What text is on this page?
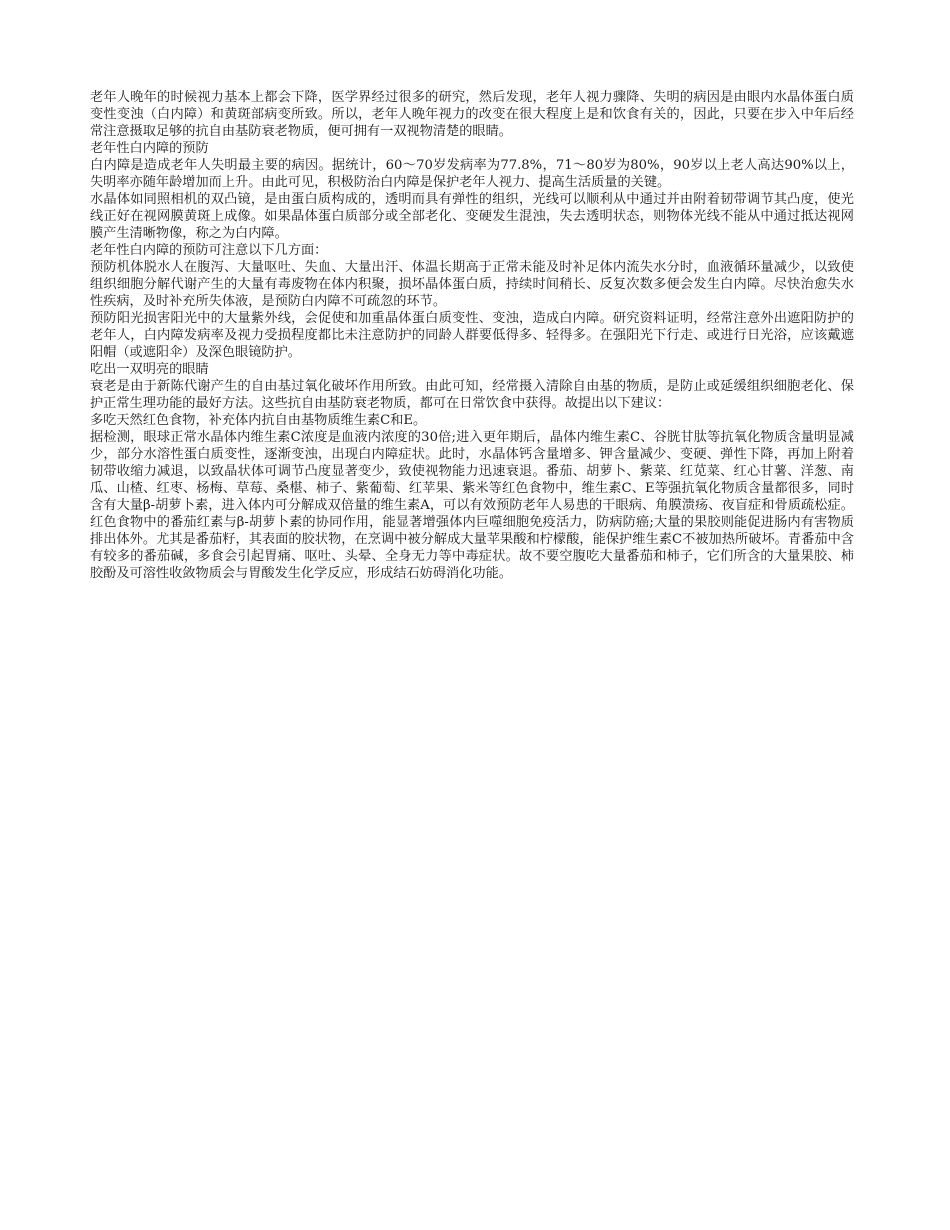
老年人晚年的时候视力基本上都会下降，医学界经过很多的研究，然后发现，老年人视力骤降、失明的病因是由眼内水晶体蛋白质变性变浊（白内障）和黄斑部病变所致。所以，老年人晚年视力的改变在很大程度上是和饮食有关的，因此，只要在步入中年后经常注意摄取足够的抗自由基防衰老物质，便可拥有一双视物清楚的眼睛。

老年性白内障的预防

白内障是造成老年人失明最主要的病因。据统计，60～70岁发病率为77.8%，71～80岁为80%，90岁以上老人高达90%以上，失明率亦随年龄增加而上升。由此可见，积极防治白内障是保护老年人视力、提高生活质量的关键。

水晶体如同照相机的双凸镜，是由蛋白质构成的，透明而具有弹性的组织，光线可以顺利从中通过并由附着韧带调节其凸度，使光线正好在视网膜黄斑上成像。如果晶体蛋白质部分或全部老化、变硬发生混浊，失去透明状态，则物体光线不能从中通过抵达视网膜产生清晰物像，称之为白内障。

老年性白内障的预防可注意以下几方面：

预防机体脱水人在腹泻、大量呕吐、失血、大量出汗、体温长期高于正常未能及时补足体内流失水分时，血液循环量减少，以致使组织细胞分解代谢产生的大量有毒废物在体内积聚，损坏晶体蛋白质，持续时间稍长、反复次数多便会发生白内障。尽快治愈失水性疾病，及时补充所失体液，是预防白内障不可疏忽的环节。

预防阳光损害阳光中的大量紫外线，会促使和加重晶体蛋白质变性、变浊，造成白内障。研究资料证明，经常注意外出遮阳防护的老年人，白内障发病率及视力受损程度都比未注意防护的同龄人群要低得多、轻得多。在强阳光下行走、或进行日光浴，应该戴遮阳帽（或遮阳伞）及深色眼镜防护。

吃出一双明亮的眼睛

衰老是由于新陈代谢产生的自由基过氧化破坏作用所致。由此可知，经常摄入清除自由基的物质，是防止或延缓组织细胞老化、保护正常生理功能的最好方法。这些抗自由基防衰老物质，都可在日常饮食中获得。故提出以下建议：

多吃天然红色食物，补充体内抗自由基物质维生素C和E。

据检测，眼球正常水晶体内维生素C浓度是血液内浓度的30倍;进入更年期后，晶体内维生素C、谷胱甘肽等抗氧化物质含量明显减少，部分水溶性蛋白质变性，逐渐变浊，出现白内障症状。此时，水晶体钙含量增多、钾含量减少、变硬、弹性下降，再加上附着韧带收缩力减退，以致晶状体可调节凸度显著变少，致使视物能力迅速衰退。番茄、胡萝卜、紫菜、红苋菜、红心甘薯、洋葱、南瓜、山楂、红枣、杨梅、草莓、桑椹、柿子、紫葡萄、红苹果、紫米等红色食物中，维生素C、E等强抗氧化物质含量都很多，同时含有大量β-胡萝卜素，进入体内可分解成双倍量的维生素A，可以有效预防老年人易患的干眼病、角膜溃疡、夜盲症和骨质疏松症。红色食物中的番茄红素与β-胡萝卜素的协同作用，能显著增强体内巨噬细胞免疫活力，防病防癌;大量的果胶则能促进肠内有害物质排出体外。尤其是番茄籽，其表面的胶状物，在烹调中被分解成大量苹果酸和柠檬酸，能保护维生素C不被加热所破坏。青番茄中含有较多的番茄碱，多食会引起胃痛、呕吐、头晕、全身无力等中毒症状。故不要空腹吃大量番茄和柿子，它们所含的大量果胶、柿胶酚及可溶性收敛物质会与胃酸发生化学反应，形成结石妨碍消化功能。
